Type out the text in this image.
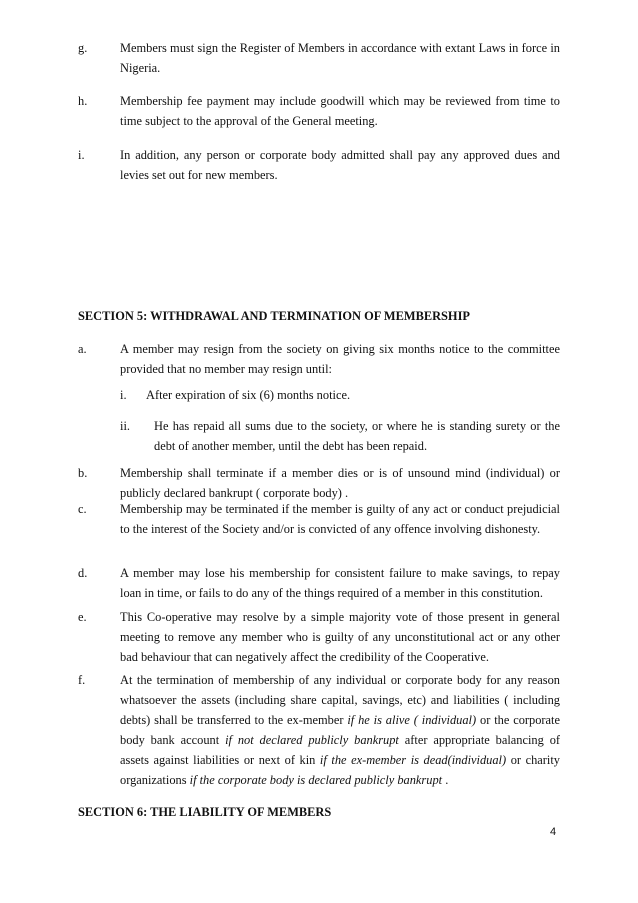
g.	Members must sign the Register of Members in accordance with extant Laws in force in Nigeria.
h.	Membership fee payment may include goodwill which may be reviewed from time to time subject to the approval of the General meeting.
i.	In addition, any person or corporate body admitted shall pay any approved dues and levies set out for new members.
SECTION 5: WITHDRAWAL AND TERMINATION OF MEMBERSHIP
a.	A member may resign from the society on giving six months notice to the committee provided that no member may resign until:
i. After expiration of six (6) months notice.
ii. He has repaid all sums due to the society, or where he is standing surety or the debt of another member, until the debt has been repaid.
b.	Membership shall terminate if a member dies or is of unsound mind (individual) or publicly declared bankrupt ( corporate body) .
c.	Membership may be terminated if the member is guilty of any act or conduct prejudicial to the interest of the Society and/or is convicted of any offence involving dishonesty.
d.	A member may lose his membership for consistent failure to make savings, to repay loan in time, or fails to do any of the things required of a member in this constitution.
e.	This Co-operative may resolve by a simple majority vote of those present in general meeting to remove any member who is guilty of any unconstitutional act or any other bad behaviour that can negatively affect the credibility of the Cooperative.
f.	At the termination of membership of any individual or corporate body for any reason whatsoever the assets (including share capital, savings, etc) and liabilities ( including debts) shall be transferred to the ex-member if he is alive ( individual) or the corporate body bank account if not declared publicly bankrupt after appropriate balancing of assets against liabilities or next of kin if the ex-member is dead(individual) or charity organizations if the corporate body is declared publicly bankrupt .
SECTION 6: THE LIABILITY OF MEMBERS
4
